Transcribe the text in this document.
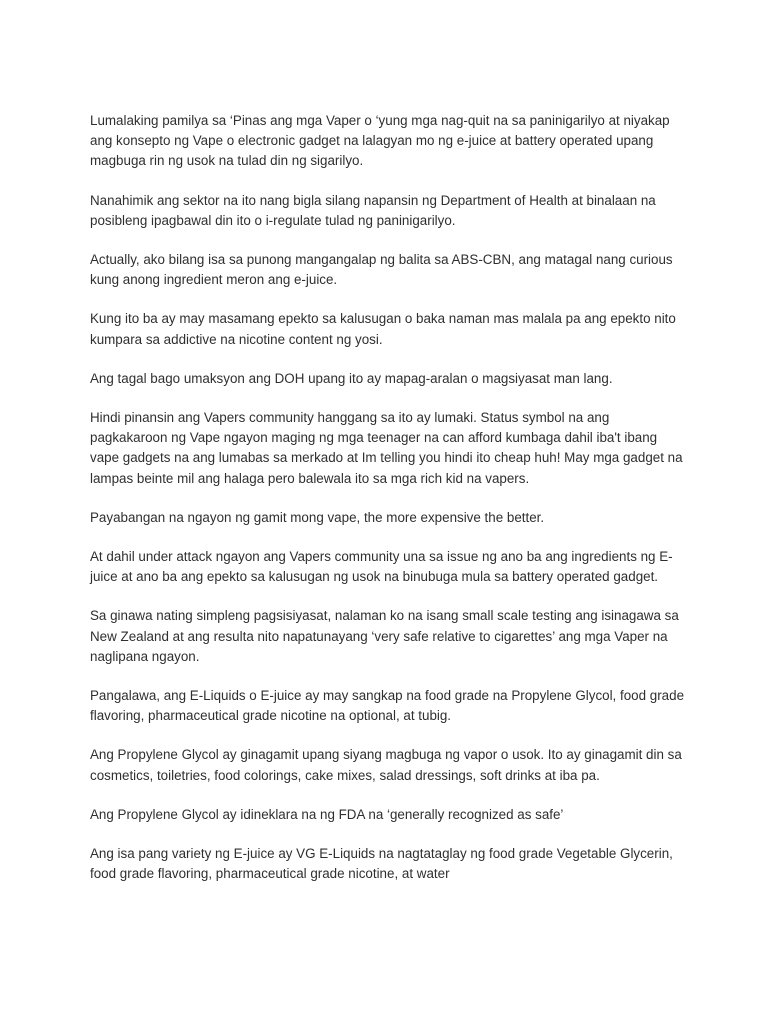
Lumalaking pamilya sa ‘Pinas ang mga Vaper o ‘yung mga nag-quit na sa paninigarilyo at niyakap
ang konsepto ng Vape o electronic gadget na lalagyan mo ng e-juice at battery operated upang
magbuga rin ng usok na tulad din ng sigarilyo.

Nanahimik ang sektor na ito nang bigla silang napansin ng Department of Health at binalaan na
posibleng ipagbawal din ito o i-regulate tulad ng paninigarilyo.

Actually, ako bilang isa sa punong mangangalap ng balita sa ABS-CBN, ang matagal nang curious
kung anong ingredient meron ang e-juice.

Kung ito ba ay may masamang epekto sa kalusugan o baka naman mas malala pa ang epekto nito
kumpara sa addictive na nicotine content ng yosi.

Ang tagal bago umaksyon ang DOH upang ito ay mapag-aralan o magsiyasat man lang.

Hindi pinansin ang Vapers community hanggang sa ito ay lumaki. Status symbol na ang
pagkakaroon ng Vape ngayon maging ng mga teenager na can afford kumbaga dahil iba't ibang
vape gadgets na ang lumabas sa merkado at Im telling you hindi ito cheap huh! May mga gadget na
lampas beinte mil ang halaga pero balewala ito sa mga rich kid na vapers.

Payabangan na ngayon ng gamit mong vape, the more expensive the better.

At dahil under attack ngayon ang Vapers community una sa issue ng ano ba ang ingredients ng E-
juice at ano ba ang epekto sa kalusugan ng usok na binubuga mula sa battery operated gadget.

Sa ginawa nating simpleng pagsisiyasat, nalaman ko na isang small scale testing ang isinagawa sa
New Zealand at ang resulta nito napatunayang ‘very safe relative to cigarettes’ ang mga Vaper na
naglipana ngayon.

Pangalawa, ang E-Liquids o E-juice ay may sangkap na food grade na Propylene Glycol, food grade
flavoring, pharmaceutical grade nicotine na optional, at tubig.

Ang Propylene Glycol ay ginagamit upang siyang magbuga ng vapor o usok. Ito ay ginagamit din sa
cosmetics, toiletries, food colorings, cake mixes, salad dressings, soft drinks at iba pa.

Ang Propylene Glycol ay idineklara na ng FDA na ‘generally recognized as safe’

Ang isa pang variety ng E-juice ay VG E-Liquids na nagtataglay ng food grade Vegetable Glycerin,
food grade flavoring, pharmaceutical grade nicotine, at water
